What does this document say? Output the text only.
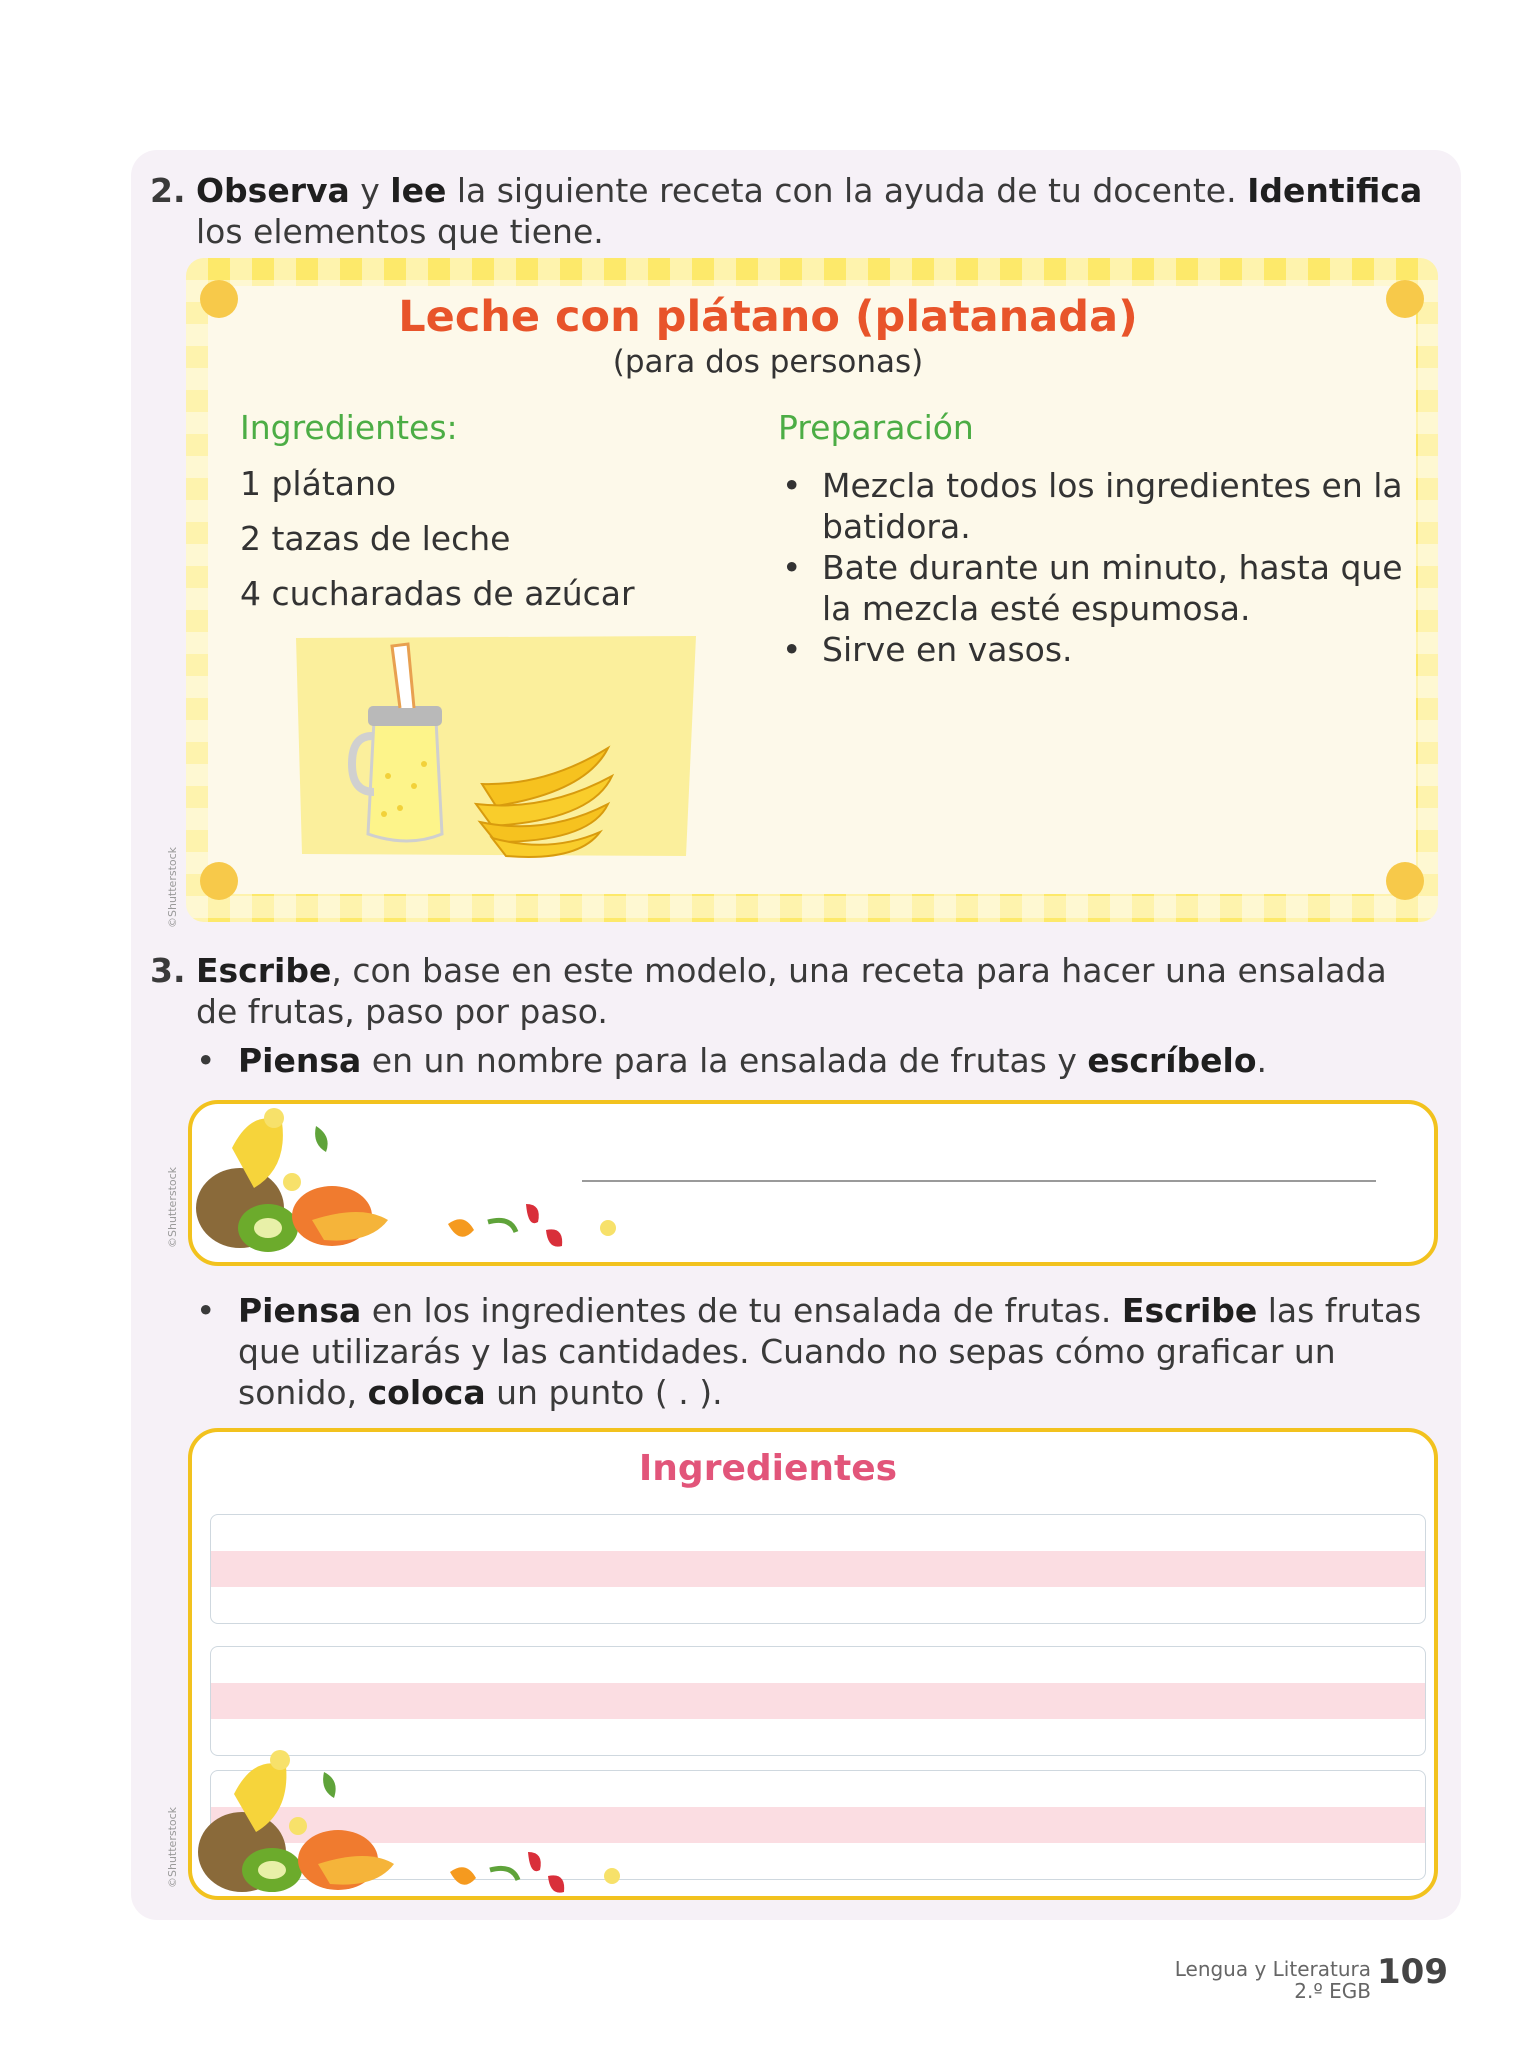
2. Observa y lee la siguiente receta con la ayuda de tu docente. Identifica
los elementos que tiene.
Leche con plátano (platanada)
(para dos personas)
Ingredientes:
1 plátano
2 tazas de leche
4 cucharadas de azúcar
Preparación
• Mezcla todos los ingredientes en la batidora.
• Bate durante un minuto, hasta que la mezcla esté espumosa.
• Sirve en vasos.
©Shutterstock
3. Escribe, con base en este modelo, una receta para hacer una ensalada
de frutas, paso por paso.
• Piensa en un nombre para la ensalada de frutas y escríbelo.
©Shutterstock
• Piensa en los ingredientes de tu ensalada de frutas. Escribe las frutas
que utilizarás y las cantidades. Cuando no sepas cómo graficar un
sonido, coloca un punto ( . ).
Ingredientes
©Shutterstock
Lengua y Literatura
2.º EGB 109
